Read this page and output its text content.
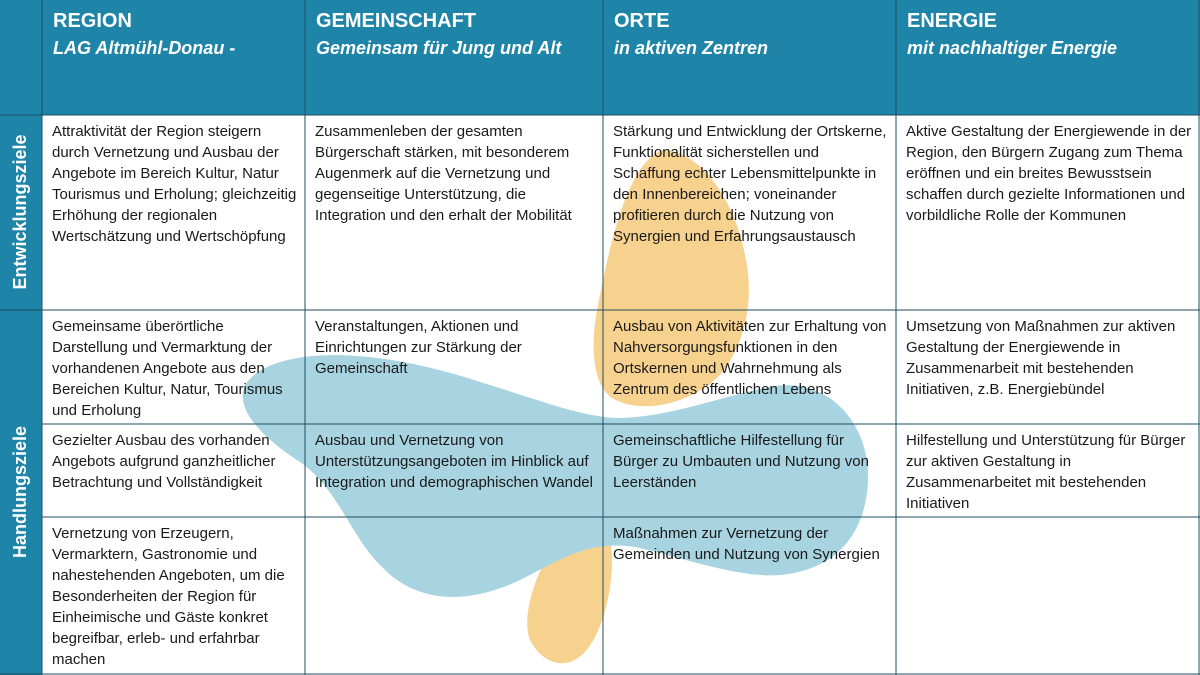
REGION
LAG Altmühl-Donau -
GEMEINSCHAFT
Gemeinsam für Jung und Alt
ORTE
in aktiven Zentren
ENERGIE
mit nachhaltiger Energie
Entwicklungsziele
Handlungsziele
Attraktivität der Region steigern durch Vernetzung und Ausbau der Angebote im Bereich Kultur, Natur Tourismus und Erholung; gleichzeitig Erhöhung der regionalen Wertschätzung und Wertschöpfung
Zusammenleben der gesamten Bürgerschaft stärken, mit besonderem Augenmerk auf die Vernetzung und gegenseitige Unterstützung, die Integration und den erhalt der Mobilität
Stärkung und Entwicklung der Ortskerne, Funktionalität sicherstellen und Schaffung echter Lebensmittelpunkte in den Innenbereichen; voneinander profitieren durch die Nutzung von Synergien und Erfahrungsaustausch
Aktive Gestaltung der Energiewende in der Region, den Bürgern Zugang zum Thema eröffnen und ein breites Bewusstsein schaffen durch gezielte Informationen und vorbildliche Rolle der Kommunen
Gemeinsame überörtliche Darstellung und Vermarktung der vorhandenen Angebote aus den Bereichen Kultur, Natur, Tourismus und Erholung
Veranstaltungen, Aktionen und Einrichtungen zur Stärkung der Gemeinschaft
Ausbau von Aktivitäten zur Erhaltung von Nahversorgungsfunktionen in den Ortskernen und Wahrnehmung als Zentrum des öffentlichen Lebens
Umsetzung von Maßnahmen zur aktiven Gestaltung der Energiewende in Zusammenarbeit mit bestehenden Initiativen, z.B. Energiebündel
Gezielter Ausbau des vorhanden Angebots aufgrund ganzheitlicher Betrachtung und Vollständigkeit
Ausbau und Vernetzung von Unterstützungsangeboten im Hinblick auf Integration und demographischen Wandel
Gemeinschaftliche Hilfestellung für Bürger zu Umbauten und Nutzung von Leerständen
Hilfestellung und Unterstützung für Bürger zur aktiven Gestaltung in Zusammenarbeitet mit bestehenden Initiativen
Vernetzung von Erzeugern, Vermarktern, Gastronomie und nahestehenden Angeboten, um die Besonderheiten der Region für Einheimische und Gäste konkret begreifbar, erleb- und erfahrbar machen
Maßnahmen zur Vernetzung der Gemeinden und Nutzung von Synergien
